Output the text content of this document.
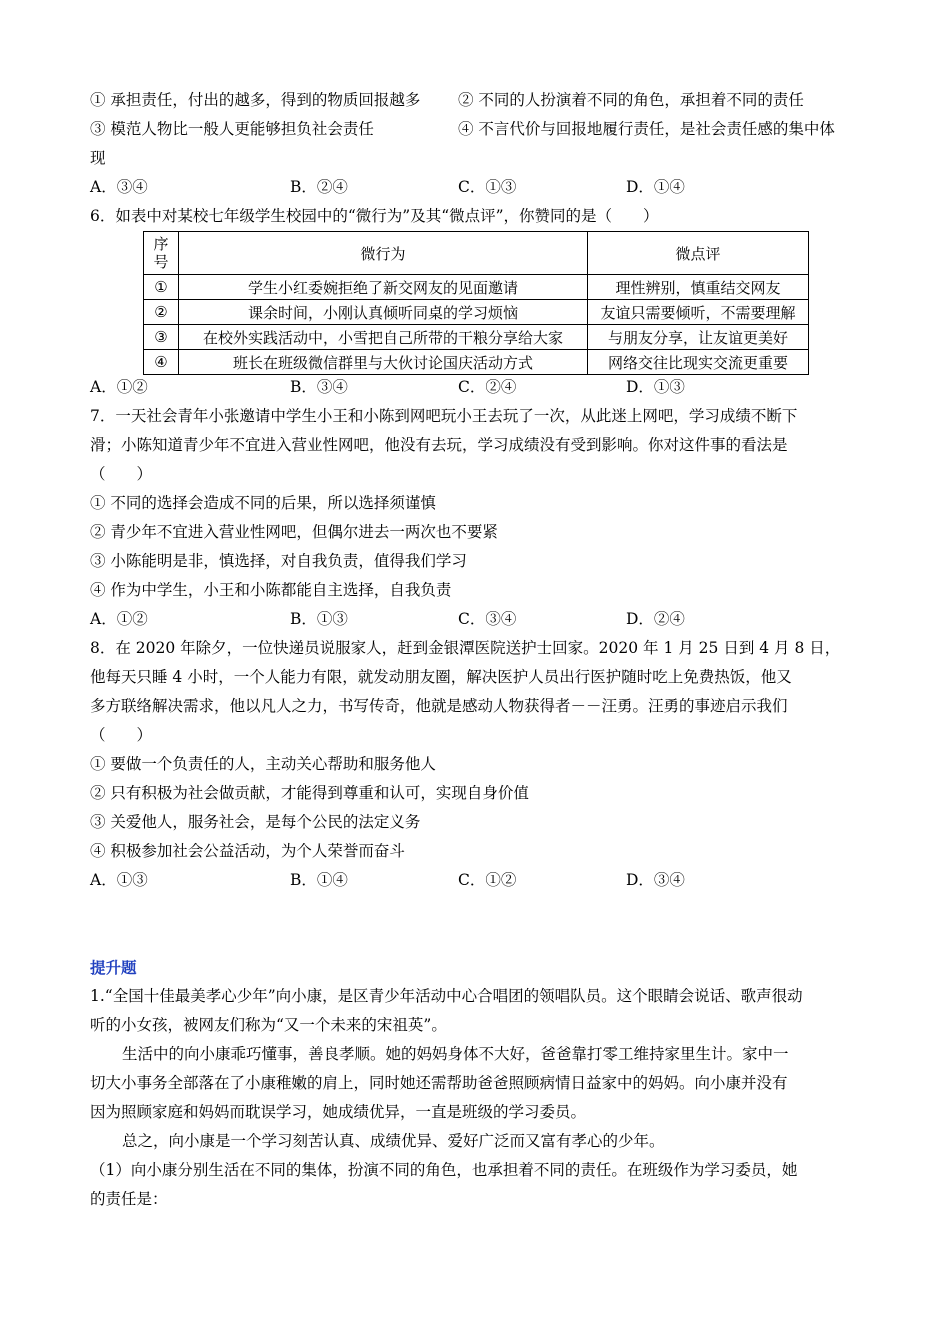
① 承担责任，付出的越多，得到的物质回报越多	② 不同的人扮演着不同的角色，承担着不同的责任
③ 模范人物比一般人更能够担负社会责任	④ 不言代价与回报地履行责任，是社会责任感的集中体
现
A．③④	B．②④	C．①③	D．①④
6．如表中对某校七年级学生校园中的“微行为”及其“微点评”，你赞同的是（　　）
序号	微行为	微点评
①	学生小红委婉拒绝了新交网友的见面邀请	理性辨别，慎重结交网友
②	课余时间，小刚认真倾听同桌的学习烦恼	友谊只需要倾听，不需要理解
③	在校外实践活动中，小雪把自己所带的干粮分享给大家	与朋友分享，让友谊更美好
④	班长在班级微信群里与大伙讨论国庆活动方式	网络交往比现实交流更重要
A．①②	B．③④	C．②④	D．①③
7．一天社会青年小张邀请中学生小王和小陈到网吧玩小王去玩了一次，从此迷上网吧，学习成绩不断下
滑；小陈知道青少年不宜进入营业性网吧，他没有去玩，学习成绩没有受到影响。你对这件事的看法是
（　　）
① 不同的选择会造成不同的后果，所以选择须谨慎
② 青少年不宜进入营业性网吧，但偶尔进去一两次也不要紧
③ 小陈能明是非，慎选择，对自我负责，值得我们学习
④ 作为中学生，小王和小陈都能自主选择，自我负责
A．①②	B．①③	C．③④	D．②④
8．在 2020 年除夕，一位快递员说服家人，赶到金银潭医院送护士回家。2020 年 1 月 25 日到 4 月 8 日，
他每天只睡 4 小时，一个人能力有限，就发动朋友圈，解决医护人员出行医护随时吃上免费热饭，他又
多方联络解决需求，他以凡人之力，书写传奇，他就是感动人物获得者－－汪勇。汪勇的事迹启示我们
（　　）
① 要做一个负责任的人，主动关心帮助和服务他人
② 只有积极为社会做贡献，才能得到尊重和认可，实现自身价值
③ 关爱他人，服务社会，是每个公民的法定义务
④ 积极参加社会公益活动，为个人荣誉而奋斗
A．①③	B．①④	C．①②	D．③④
提升题
1.“全国十佳最美孝心少年”向小康，是区青少年活动中心合唱团的领唱队员。这个眼睛会说话、歌声很动
听的小女孩，被网友们称为“又一个未来的宋祖英”。
生活中的向小康乖巧懂事，善良孝顺。她的妈妈身体不大好，爸爸靠打零工维持家里生计。家中一
切大小事务全部落在了小康稚嫩的肩上，同时她还需帮助爸爸照顾病情日益家中的妈妈。向小康并没有
因为照顾家庭和妈妈而耽误学习，她成绩优异，一直是班级的学习委员。
总之，向小康是一个学习刻苦认真、成绩优异、爱好广泛而又富有孝心的少年。
（1）向小康分别生活在不同的集体，扮演不同的角色，也承担着不同的责任。在班级作为学习委员，她
的责任是：
